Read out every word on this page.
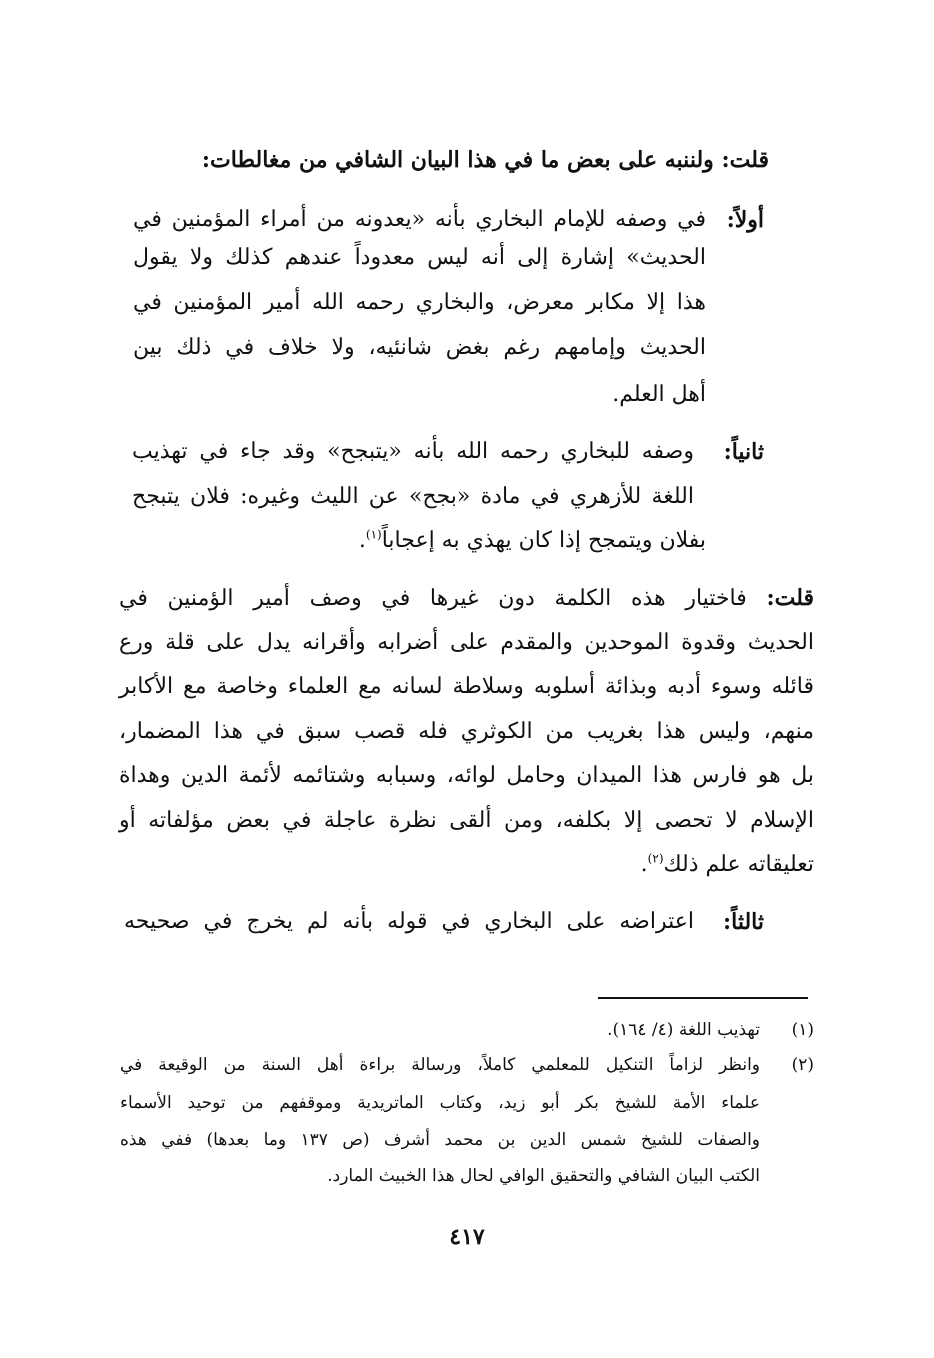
قلت: ولننبه على بعض ما في هذا البيان الشافي من مغالطات:
أولاً:
في وصفه للإمام البخاري بأنه «يعدونه من أمراء المؤمنين في
الحديث» إشارة إلى أنه ليس معدوداً عندهم كذلك ولا يقول
هذا إلا مكابر معرض، والبخاري رحمه الله أمير المؤمنين في
الحديث وإمامهم رغم بغض شانئيه، ولا خلاف في ذلك بين
أهل العلم.
ثانياً:
وصفه للبخاري رحمه الله بأنه «يتبجح» وقد جاء في تهذيب
اللغة للأزهري في مادة «بجح» عن الليث وغيره: فلان يتبجح
بفلان ويتمجح إذا كان يهذي به إعجاباً$^{(١)}$.
قلت: فاختيار هذه الكلمة دون غيرها في وصف أمير الؤمنين في
الحديث وقدوة الموحدين والمقدم على أضرابه وأقرانه يدل على قلة ورع
قائله وسوء أدبه وبذائة أسلوبه وسلاطة لسانه مع العلماء وخاصة مع الأكابر
منهم، وليس هذا بغريب من الكوثري فله قصب سبق في هذا المضمار،
بل هو فارس هذا الميدان وحامل لوائه، وسبابه وشتائمه لأئمة الدين وهداة
الإسلام لا تحصى إلا بكلفه، ومن ألقى نظرة عاجلة في بعض مؤلفاته أو
تعليقاته علم ذلك$^{(٢)}$.
ثالثاً:
اعتراضه على البخاري في قوله بأنه لم يخرج في صحيحه
(١)
تهذيب اللغة (٤/ ١٦٤).
(٢)
وانظر لزاماً التنكيل للمعلمي كاملاً، ورسالة براءة أهل السنة من الوقيعة في
علماء الأمة للشيخ بكر أبو زيد، وكتاب الماتريدية وموقفهم من توحيد الأسماء
والصفات للشيخ شمس الدين بن محمد أشرف (ص ١٣٧ وما بعدها) ففي هذه
الكتب البيان الشافي والتحقيق الوافي لحال هذا الخبيث المارد.
٤١٧
